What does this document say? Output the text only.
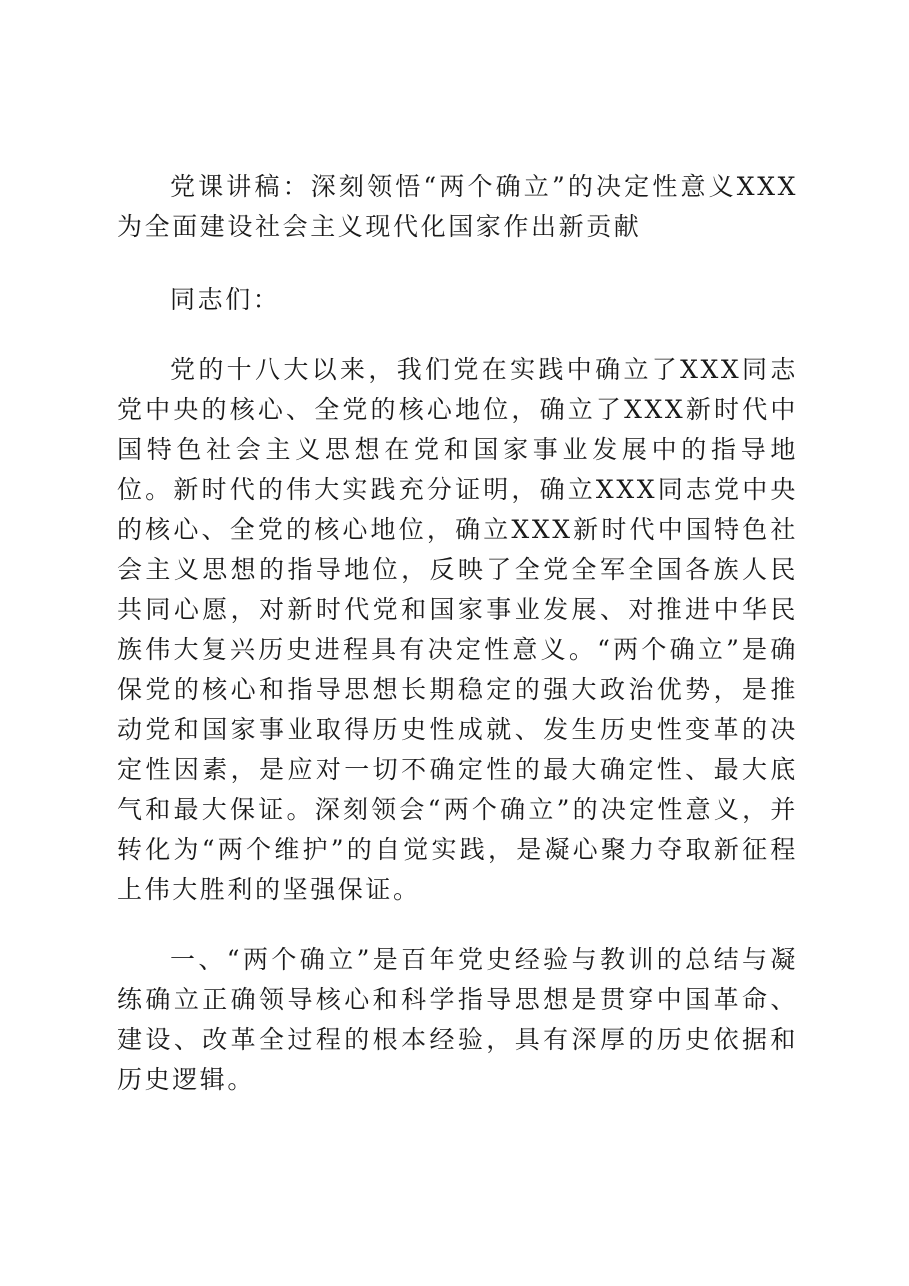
党课讲稿：深刻领悟“两个确立”的决定性意义XXX为全面建设社会主义现代化国家作出新贡献

同志们：

党的十八大以来，我们党在实践中确立了XXX同志党中央的核心、全党的核心地位，确立了XXX新时代中国特色社会主义思想在党和国家事业发展中的指导地位。新时代的伟大实践充分证明，确立XXX同志党中央的核心、全党的核心地位，确立XXX新时代中国特色社会主义思想的指导地位，反映了全党全军全国各族人民共同心愿，对新时代党和国家事业发展、对推进中华民族伟大复兴历史进程具有决定性意义。“两个确立”是确保党的核心和指导思想长期稳定的强大政治优势，是推动党和国家事业取得历史性成就、发生历史性变革的决定性因素，是应对一切不确定性的最大确定性、最大底气和最大保证。深刻领会“两个确立”的决定性意义，并转化为“两个维护”的自觉实践，是凝心聚力夺取新征程上伟大胜利的坚强保证。

一、“两个确立”是百年党史经验与教训的总结与凝练确立正确领导核心和科学指导思想是贯穿中国革命、建设、改革全过程的根本经验，具有深厚的历史依据和历史逻辑。
